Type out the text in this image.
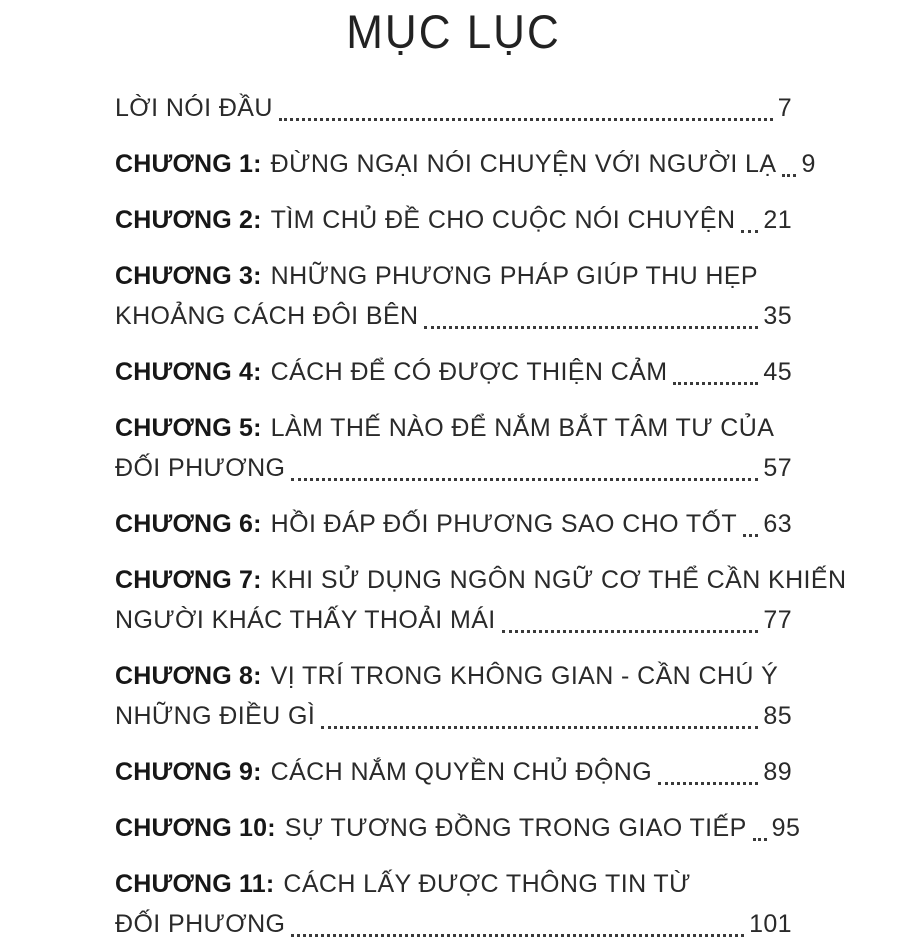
MỤC LỤC
LỜI NÓI ĐẦU	7
CHƯƠNG 1: ĐỪNG NGẠI NÓI CHUYỆN VỚI NGƯỜI LẠ 9
CHƯƠNG 2: TÌM CHỦ ĐỀ CHO CUỘC NÓI CHUYỆN 21
CHƯƠNG 3: NHỮNG PHƯƠNG PHÁP GIÚP THU HẸP
KHOẢNG CÁCH ĐÔI BÊN	35
CHƯƠNG 4: CÁCH ĐỂ CÓ ĐƯỢC THIỆN CẢM	45
CHƯƠNG 5: LÀM THẾ NÀO ĐỂ NẮM BẮT TÂM TƯ CỦA
ĐỐI PHƯƠNG	57
CHƯƠNG 6: HỒI ĐÁP ĐỐI PHƯƠNG SAO CHO TỐT 63
CHƯƠNG 7: KHI SỬ DỤNG NGÔN NGỮ CƠ THỂ CẦN KHIẾN
NGƯỜI KHÁC THẤY THOẢI MÁI	77
CHƯƠNG 8: VỊ TRÍ TRONG KHÔNG GIAN - CẦN CHÚ Ý
NHỮNG ĐIỀU GÌ	85
CHƯƠNG 9: CÁCH NẮM QUYỀN CHỦ ĐỘNG	89
CHƯƠNG 10: SỰ TƯƠNG ĐỒNG TRONG GIAO TIẾP 95
CHƯƠNG 11: CÁCH LẤY ĐƯỢC THÔNG TIN TỪ
ĐỐI PHƯƠNG	101
